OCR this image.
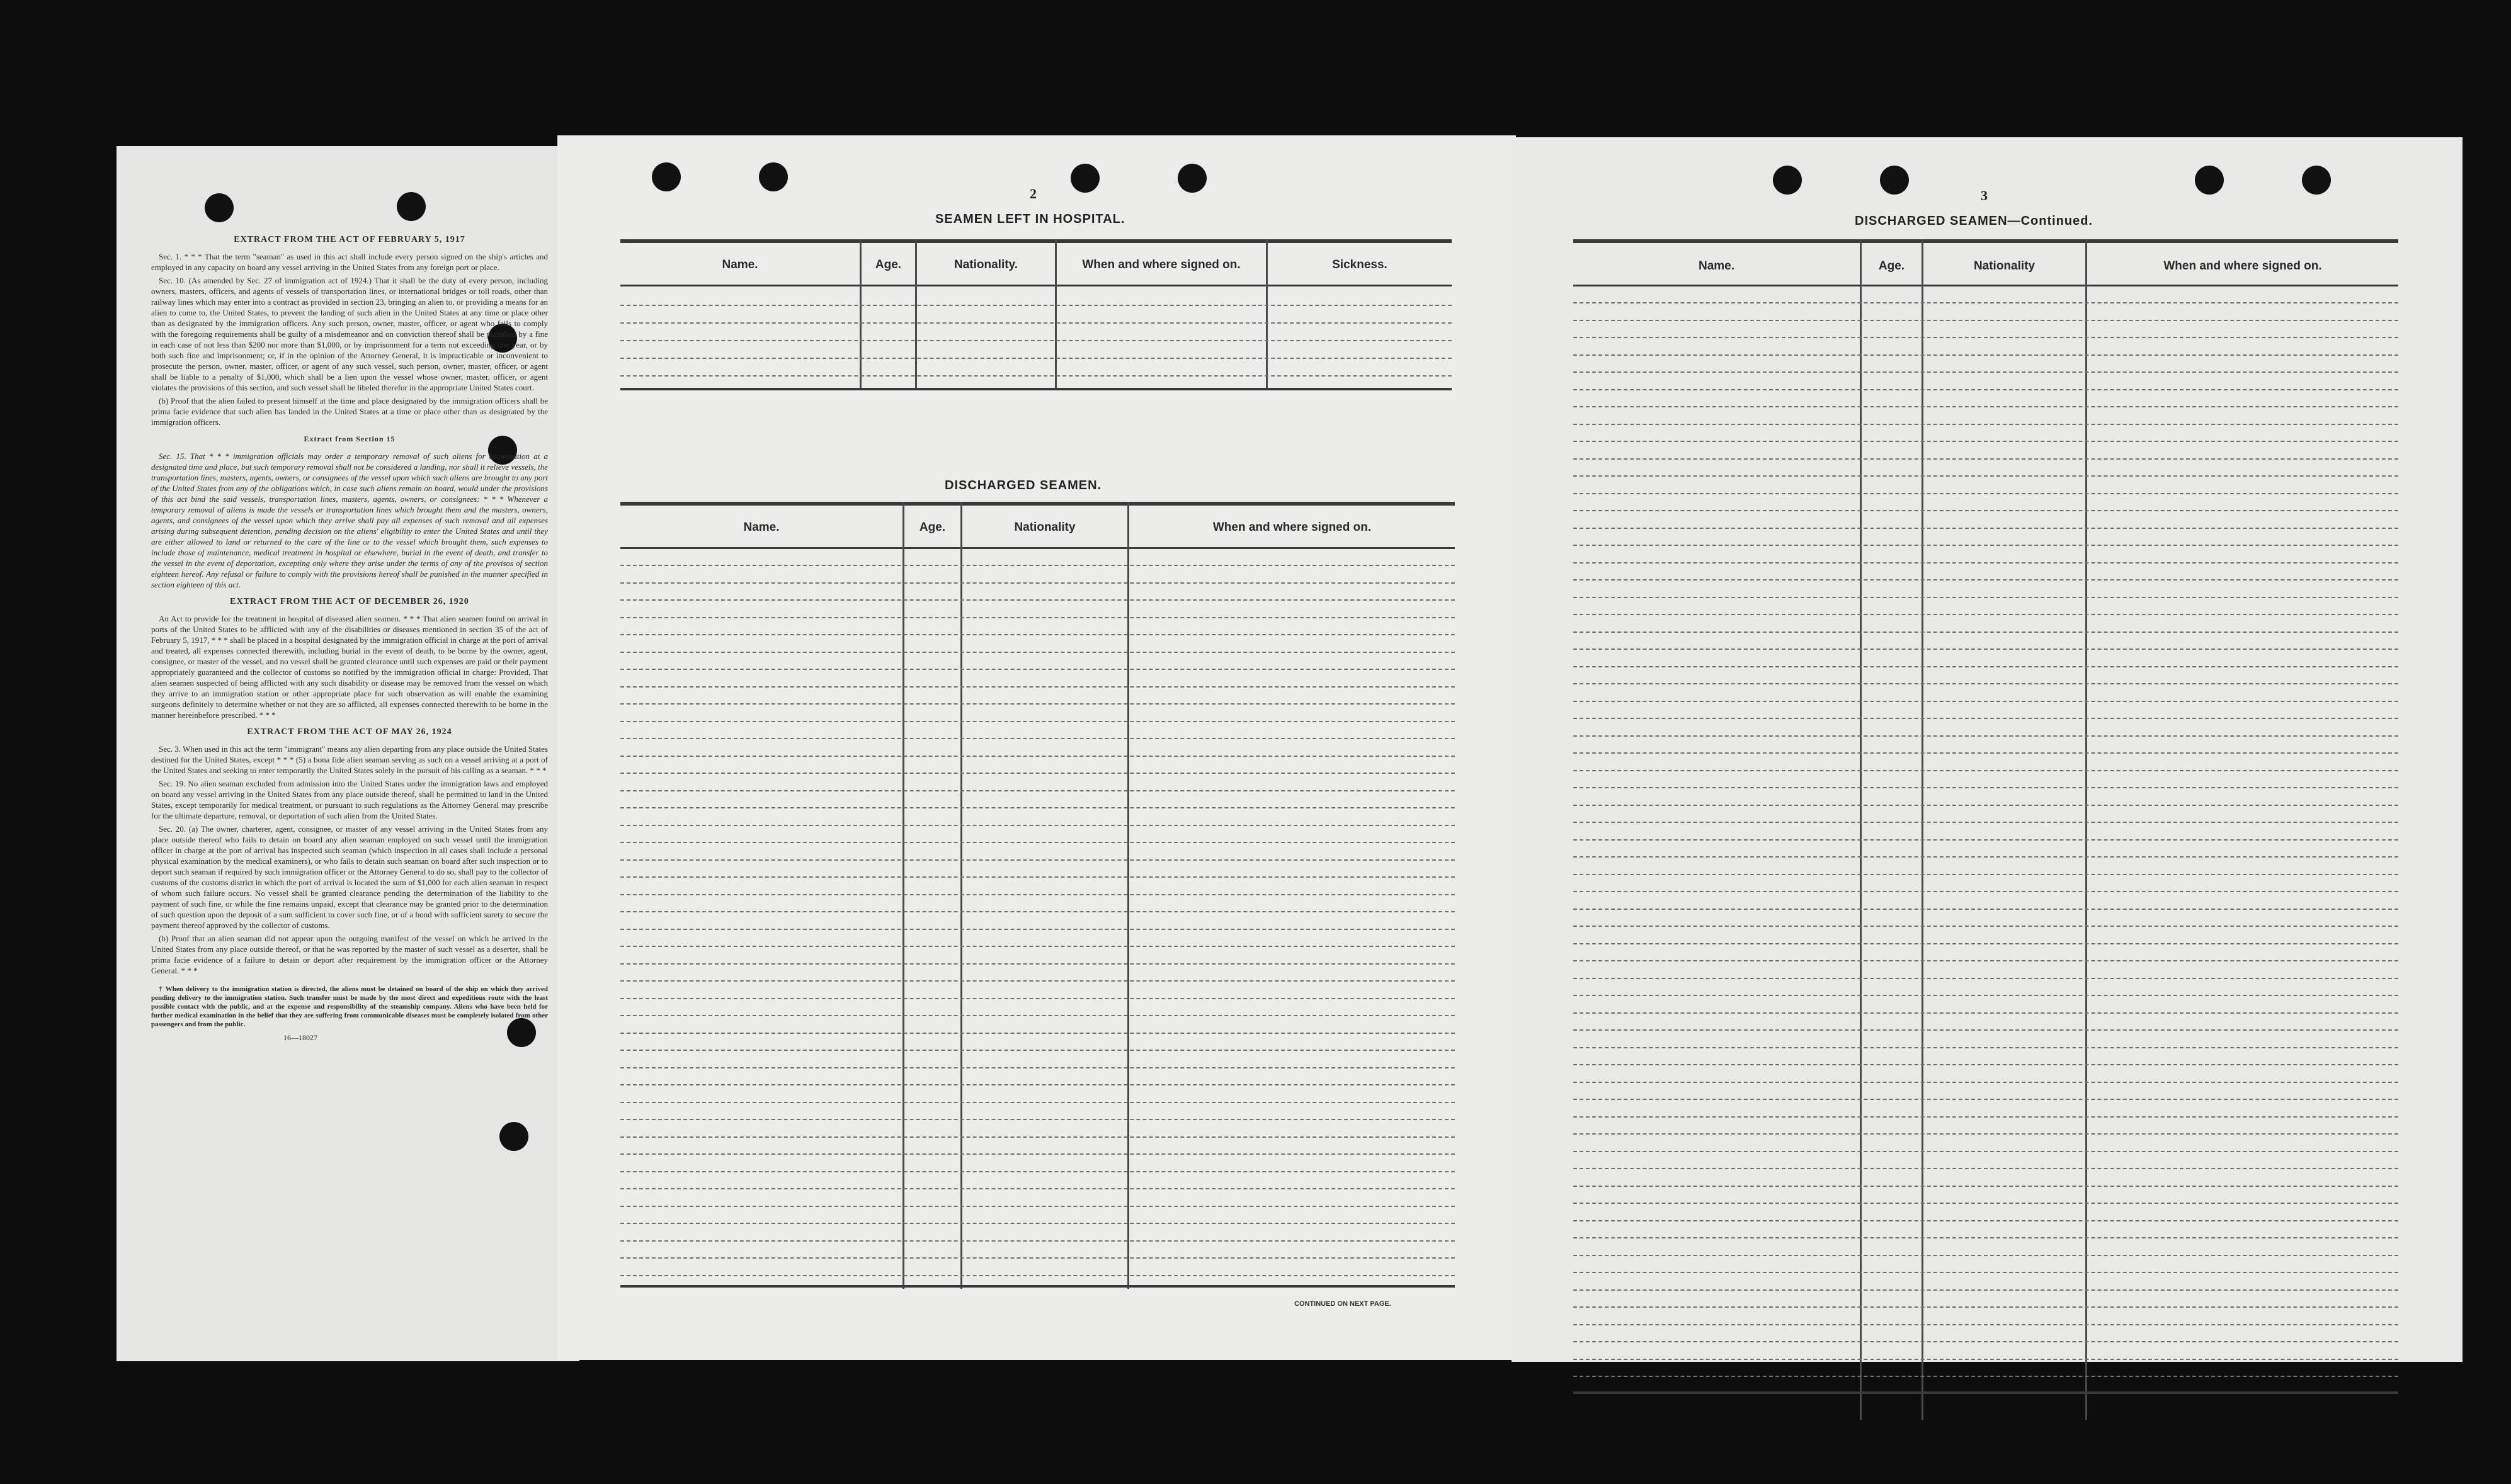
EXTRACT FROM THE ACT OF FEBRUARY 5, 1917

Sec. 1. * * * That the term "seaman" as used in this act shall include every person signed on the ship's articles and employed in any capacity on board any vessel arriving in the United States from any foreign port or place.

Sec. 10. (As amended by Sec. 27 of immigration act of 1924.) That it shall be the duty of every person, including owners, masters, officers, and agents of vessels of transportation lines, or international bridges or toll roads, other than railway lines which may enter into a contract as provided in section 23, bringing an alien to, or providing a means for an alien to come to, the United States, to prevent the landing of such alien in the United States at any time or place other than as designated by the immigration officers. Any such person, owner, master, officer, or agent who fails to comply with the foregoing requirements shall be guilty of a misdemeanor and on conviction thereof shall be punished by a fine in each case of not less than $200 nor more than $1,000, or by imprisonment for a term not exceeding one year, or by both such fine and imprisonment; or, if in the opinion of the Attorney General, it is impracticable or inconvenient to prosecute the person, owner, master, officer, or agent of any such vessel, such person, owner, master, officer, or agent shall be liable to a penalty of $1,000, which shall be a lien upon the vessel whose owner, master, officer, or agent violates the provisions of this section, and such vessel shall be libeled therefor in the appropriate United States court.

(b) Proof that the alien failed to present himself at the time and place designated by the immigration officers shall be prima facie evidence that such alien has landed in the United States at a time or place other than as designated by the immigration officers.

Extract from Section 15

Sec. 15. That * * * immigration officials may order a temporary removal of such aliens for examination at a designated time and place, but such temporary removal shall not be considered a landing, nor shall it relieve vessels, the transportation lines, masters, agents, owners, or consignees of the vessel upon which such aliens are brought to any port of the United States from any of the obligations which, in case such aliens remain on board, would under the provisions of this act bind the said vessels, transportation lines, masters, agents, owners, or consignees: * * * Whenever a temporary removal of aliens is made the vessels or transportation lines which brought them and the masters, owners, agents, and consignees of the vessel upon which they arrive shall pay all expenses of such removal and all expenses arising during subsequent detention, pending decision on the aliens' eligibility to enter the United States and until they are either allowed to land or returned to the care of the line or to the vessel which brought them, such expenses to include those of maintenance, medical treatment in hospital or elsewhere, burial in the event of death, and transfer to the vessel in the event of deportation, excepting only where they arise under the terms of any of the provisos of section eighteen hereof. Any refusal or failure to comply with the provisions hereof shall be punished in the manner specified in section eighteen of this act.

EXTRACT FROM THE ACT OF DECEMBER 26, 1920

An Act to provide for the treatment in hospital of diseased alien seamen. * * * That alien seamen found on arrival in ports of the United States to be afflicted with any of the disabilities or diseases mentioned in section 35 of the act of February 5, 1917, * * * shall be placed in a hospital designated by the immigration official in charge at the port of arrival and treated, all expenses connected therewith, including burial in the event of death, to be borne by the owner, agent, consignee, or master of the vessel, and no vessel shall be granted clearance until such expenses are paid or their payment appropriately guaranteed and the collector of customs so notified by the immigration official in charge: Provided, That alien seamen suspected of being afflicted with any such disability or disease may be removed from the vessel on which they arrive to an immigration station or other appropriate place for such observation as will enable the examining surgeons definitely to determine whether or not they are so afflicted, all expenses connected therewith to be borne in the manner hereinbefore prescribed. * * *

EXTRACT FROM THE ACT OF MAY 26, 1924

Sec. 3. When used in this act the term "immigrant" means any alien departing from any place outside the United States destined for the United States, except * * * (5) a bona fide alien seaman serving as such on a vessel arriving at a port of the United States and seeking to enter temporarily the United States solely in the pursuit of his calling as a seaman. * * *

Sec. 19. No alien seaman excluded from admission into the United States under the immigration laws and employed on board any vessel arriving in the United States from any place outside thereof, shall be permitted to land in the United States, except temporarily for medical treatment, or pursuant to such regulations as the Attorney General may prescribe for the ultimate departure, removal, or deportation of such alien from the United States.

Sec. 20. (a) The owner, charterer, agent, consignee, or master of any vessel arriving in the United States from any place outside thereof who fails to detain on board any alien seaman employed on such vessel until the immigration officer in charge at the port of arrival has inspected such seaman (which inspection in all cases shall include a personal physical examination by the medical examiners), or who fails to detain such seaman on board after such inspection or to deport such seaman if required by such immigration officer or the Attorney General to do so, shall pay to the collector of customs of the customs district in which the port of arrival is located the sum of $1,000 for each alien seaman in respect of whom such failure occurs. No vessel shall be granted clearance pending the determination of the liability to the payment of such fine, or while the fine remains unpaid, except that clearance may be granted prior to the determination of such question upon the deposit of a sum sufficient to cover such fine, or of a bond with sufficient surety to secure the payment thereof approved by the collector of customs.

(b) Proof that an alien seaman did not appear upon the outgoing manifest of the vessel on which he arrived in the United States from any place outside thereof, or that he was reported by the master of such vessel as a deserter, shall be prima facie evidence of a failure to detain or deport after requirement by the immigration officer or the Attorney General. * * *

† When delivery to the immigration station is directed, the aliens must be detained on board of the ship on which they arrived pending delivery to the immigration station. Such transfer must be made by the most direct and expeditious route with the least possible contact with the public, and at the expense and responsibility of the steamship company. Aliens who have been held for further medical examination in the belief that they are suffering from communicable diseases must be completely isolated from other passengers and from the public.

16—18027
2
SEAMEN LEFT IN HOSPITAL.
Name.	Age.	Nationality.	When and where signed on.	Sickness.
DISCHARGED SEAMEN.
Name.	Age.	Nationality	When and where signed on.
CONTINUED ON NEXT PAGE.
3
DISCHARGED SEAMEN—Continued.
Name.	Age.	Nationality	When and where signed on.
